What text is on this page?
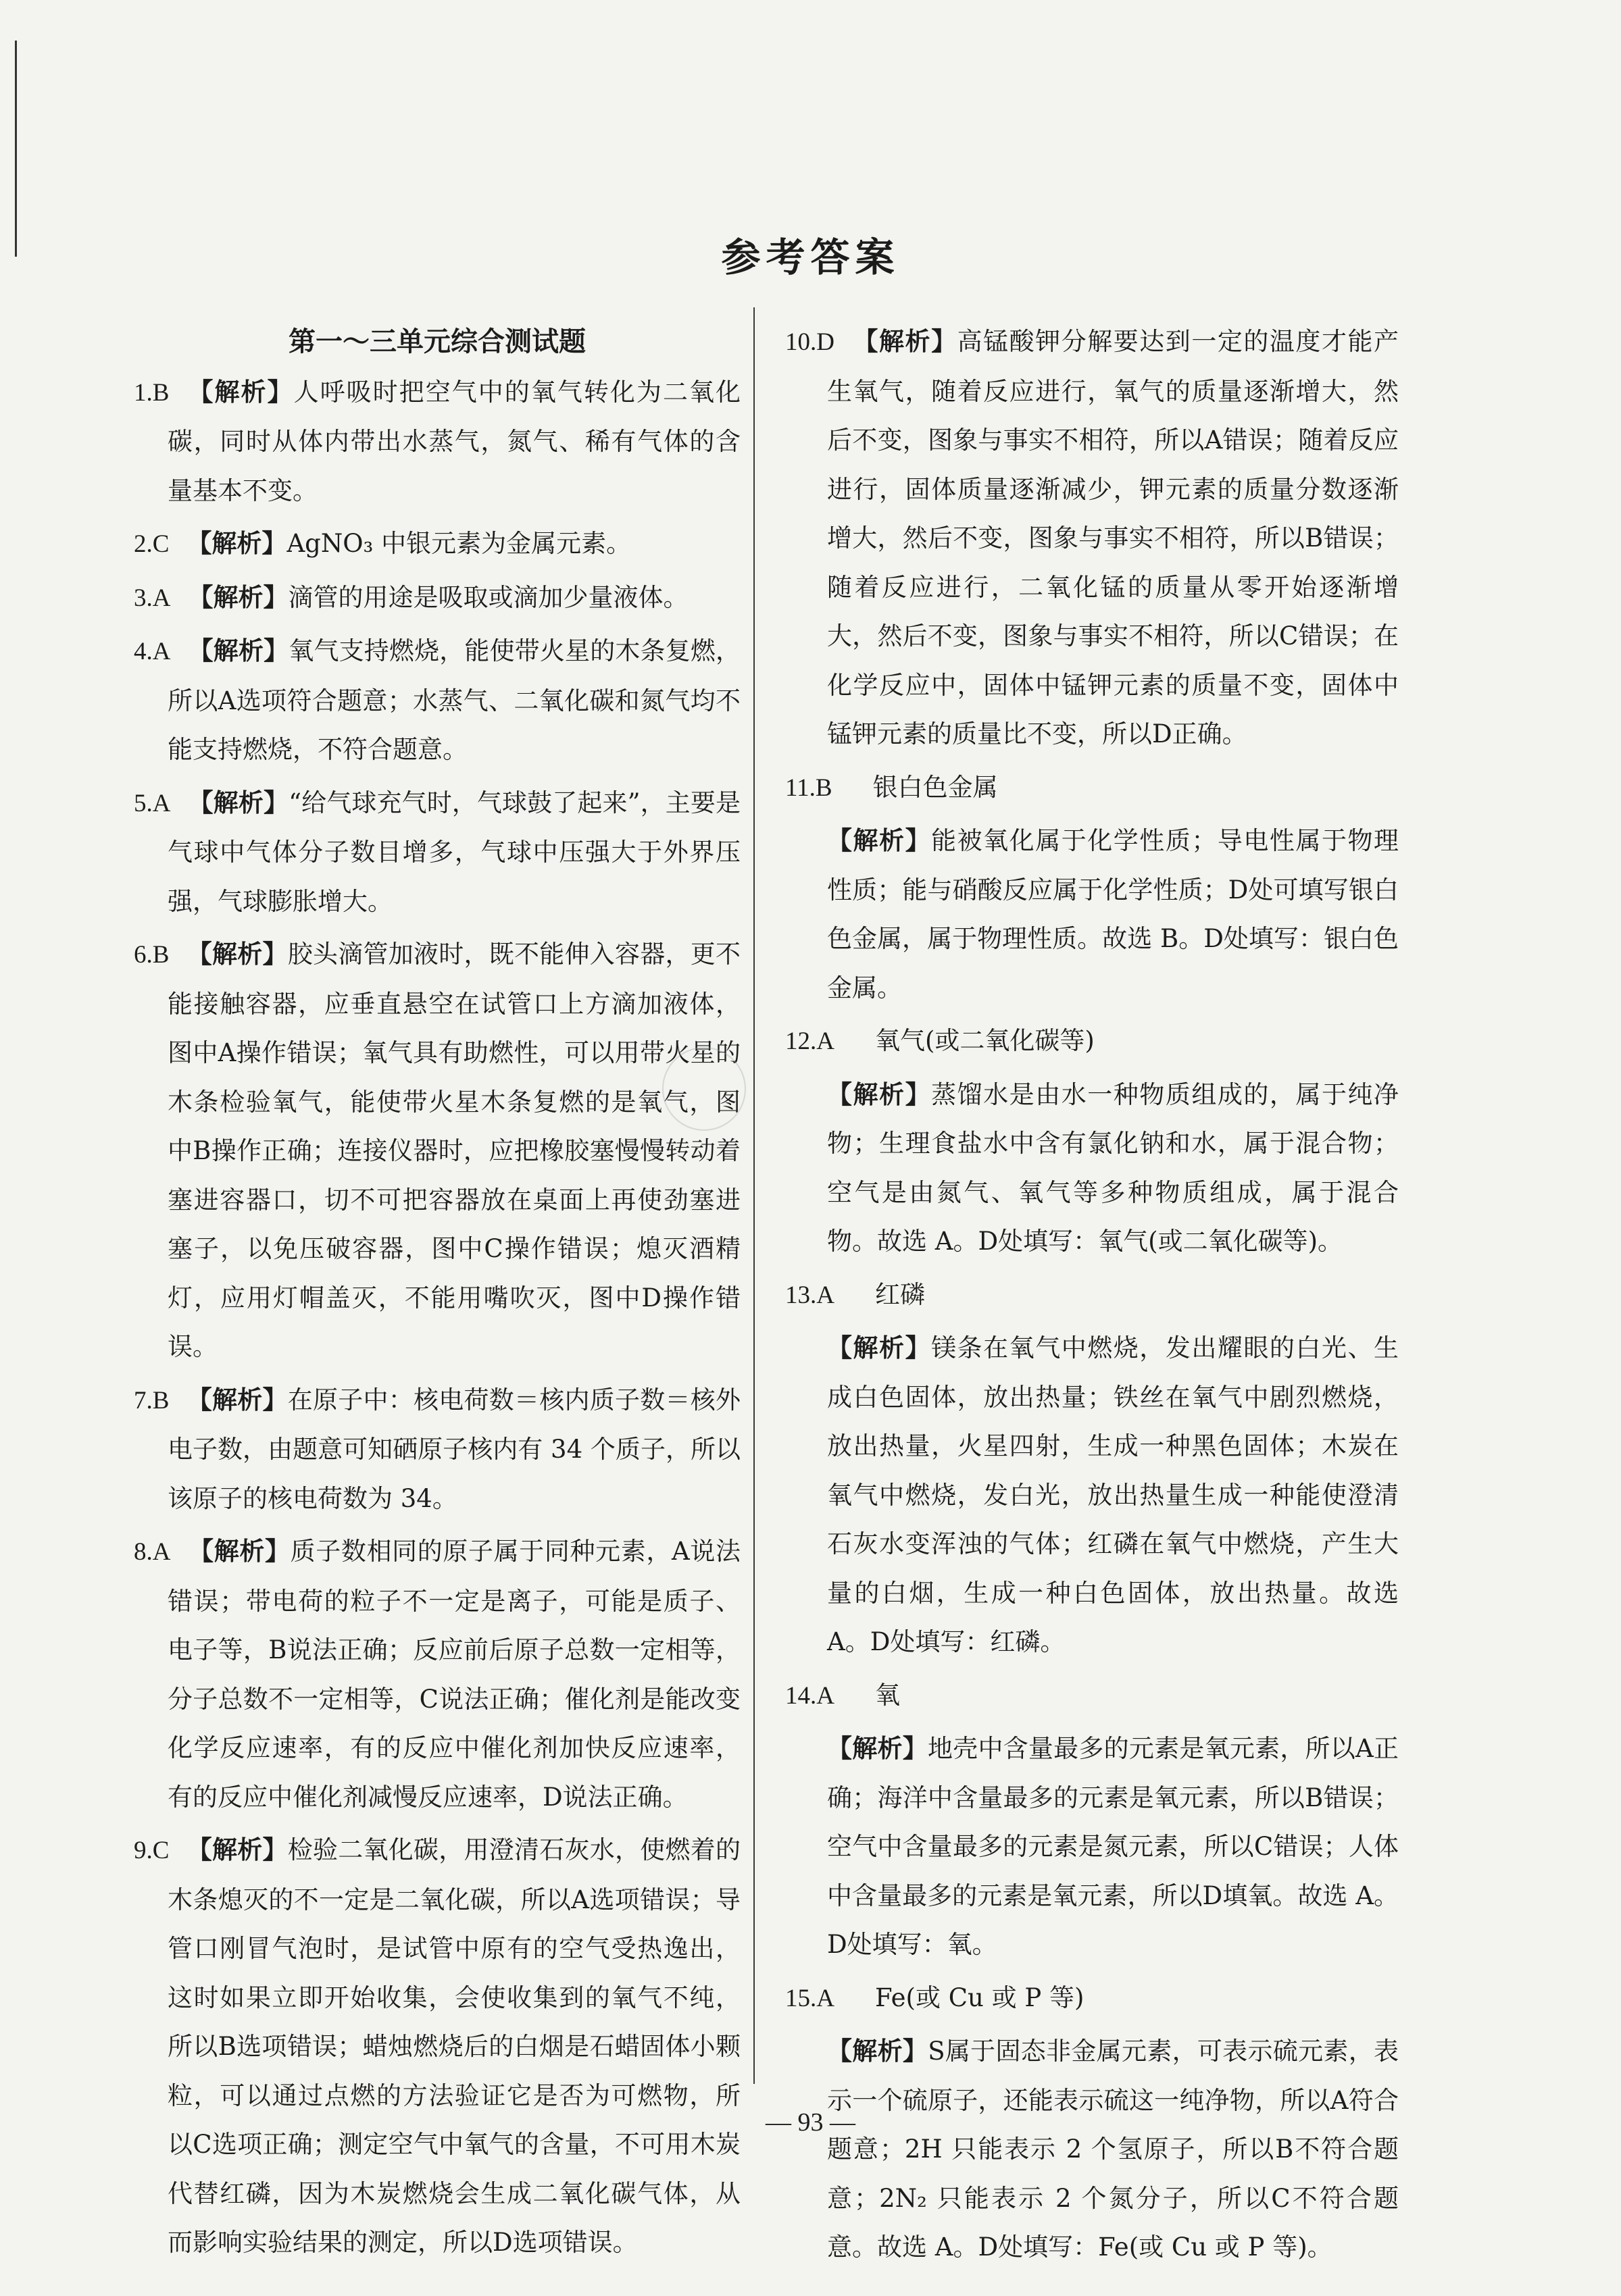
参考答案
第一～三单元综合测试题

1.B 【解析】人呼吸时把空气中的氧气转化为二氧化碳，同时从体内带出水蒸气，氮气、稀有气体的含量基本不变。

2.C 【解析】AgNO₃ 中银元素为金属元素。

3.A 【解析】滴管的用途是吸取或滴加少量液体。

4.A 【解析】氧气支持燃烧，能使带火星的木条复燃，所以A选项符合题意；水蒸气、二氧化碳和氮气均不能支持燃烧，不符合题意。

5.A 【解析】“给气球充气时，气球鼓了起来”，主要是气球中气体分子数目增多，气球中压强大于外界压强，气球膨胀增大。

6.B 【解析】胶头滴管加液时，既不能伸入容器，更不能接触容器，应垂直悬空在试管口上方滴加液体，图中A操作错误；氧气具有助燃性，可以用带火星的木条检验氧气，能使带火星木条复燃的是氧气，图中B操作正确；连接仪器时，应把橡胶塞慢慢转动着塞进容器口，切不可把容器放在桌面上再使劲塞进塞子，以免压破容器，图中C操作错误；熄灭酒精灯，应用灯帽盖灭，不能用嘴吹灭，图中D操作错误。

7.B 【解析】在原子中：核电荷数＝核内质子数＝核外电子数，由题意可知硒原子核内有 34 个质子，所以该原子的核电荷数为 34。

8.A 【解析】质子数相同的原子属于同种元素，A说法错误；带电荷的粒子不一定是离子，可能是质子、电子等，B说法正确；反应前后原子总数一定相等，分子总数不一定相等，C说法正确；催化剂是能改变化学反应速率，有的反应中催化剂加快反应速率，有的反应中催化剂减慢反应速率，D说法正确。

9.C 【解析】检验二氧化碳，用澄清石灰水，使燃着的木条熄灭的不一定是二氧化碳，所以A选项错误；导管口刚冒气泡时，是试管中原有的空气受热逸出，这时如果立即开始收集，会使收集到的氧气不纯，所以B选项错误；蜡烛燃烧后的白烟是石蜡固体小颗粒，可以通过点燃的方法验证它是否为可燃物，所以C选项正确；测定空气中氧气的含量，不可用木炭代替红磷，因为木炭燃烧会生成二氧化碳气体，从而影响实验结果的测定，所以D选项错误。

10.D 【解析】高锰酸钾分解要达到一定的温度才能产生氧气，随着反应进行，氧气的质量逐渐增大，然后不变，图象与事实不相符，所以A错误；随着反应进行，固体质量逐渐减少，钾元素的质量分数逐渐增大，然后不变，图象与事实不相符，所以B错误；随着反应进行，二氧化锰的质量从零开始逐渐增大，然后不变，图象与事实不相符，所以C错误；在化学反应中，固体中锰钾元素的质量不变，固体中锰钾元素的质量比不变，所以D正确。

11.B 银白色金属

【解析】能被氧化属于化学性质；导电性属于物理性质；能与硝酸反应属于化学性质；D处可填写银白色金属，属于物理性质。故选 B。D处填写：银白色金属。

12.A 氧气(或二氧化碳等)

【解析】蒸馏水是由水一种物质组成的，属于纯净物；生理食盐水中含有氯化钠和水，属于混合物；空气是由氮气、氧气等多种物质组成，属于混合物。故选 A。D处填写：氧气(或二氧化碳等)。

13.A 红磷

【解析】镁条在氧气中燃烧，发出耀眼的白光、生成白色固体，放出热量；铁丝在氧气中剧烈燃烧，放出热量，火星四射，生成一种黑色固体；木炭在氧气中燃烧，发白光，放出热量生成一种能使澄清石灰水变浑浊的气体；红磷在氧气中燃烧，产生大量的白烟，生成一种白色固体，放出热量。故选 A。D处填写：红磷。

14.A 氧

【解析】地壳中含量最多的元素是氧元素，所以A正确；海洋中含量最多的元素是氧元素，所以B错误；空气中含量最多的元素是氮元素，所以C错误；人体中含量最多的元素是氧元素，所以D填氧。故选 A。D处填写：氧。

15.A Fe(或 Cu 或 P 等)

【解析】S属于固态非金属元素，可表示硫元素，表示一个硫原子，还能表示硫这一纯净物，所以A符合题意；2H 只能表示 2 个氢原子，所以B不符合题意；2N₂ 只能表示 2 个氮分子，所以C不符合题意。故选 A。D处填写：Fe(或 Cu 或 P 等)。

— 93 —
